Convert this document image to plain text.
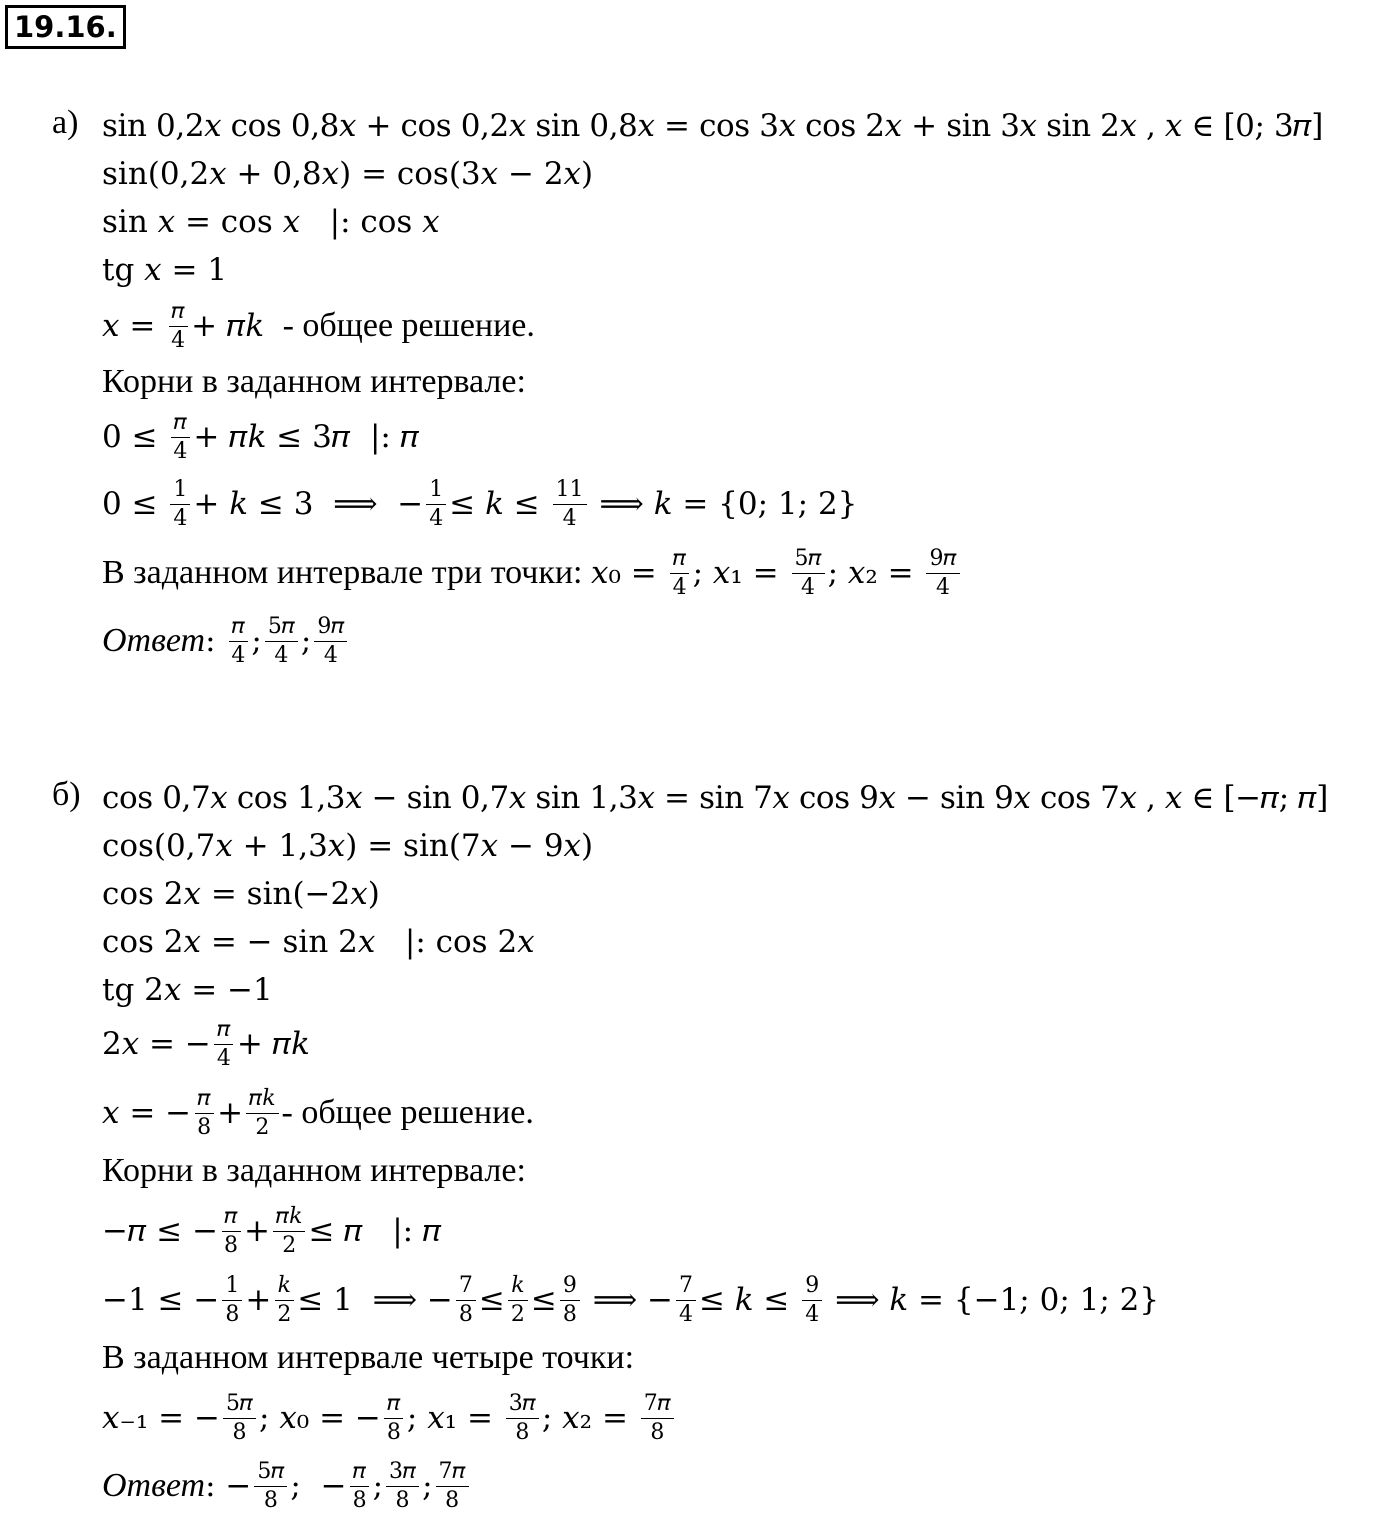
19.16.
а) sin 0,2𝑥 cos 0,8𝑥 + cos 0,2𝑥 sin 0,8𝑥 = cos 3𝑥 cos 2𝑥 + sin 3𝑥 sin 2𝑥 , 𝑥 ∈ [0; 3𝜋]
sin(0,2𝑥 + 0,8𝑥) = cos(3𝑥 − 2𝑥)
sin 𝑥 = cos 𝑥   |: cos 𝑥
tg 𝑥 = 1
𝑥 = $\frac{\text{𝜋}}{4}$ + 𝜋𝑘 - общее решение.
Корни в заданном интервале:
$0 \le \frac{\text{𝜋}}{4}$ + 𝜋𝑘 ≤ 3𝜋  |: 𝜋
$0 \le \frac{1}{4}$ + 𝑘 ≤ 3  ⟹  − $\frac{1}{4}$ ≤ 𝑘 ≤ $\frac{11}{4}$ ⟹ 𝑘 = {0; 1; 2}
В заданном интервале три точки: 𝑥₀ = $\frac{\text{𝜋}}{4}$ ; 𝑥₁ = $\frac{\text{5𝜋}}{4}$ ; 𝑥₂ = $\frac{\text{9𝜋}}{4}$
Ответ : $\frac{\text{𝜋}}{4}$ ; $\frac{\text{5𝜋}}{4}$ ; $\frac{\text{9𝜋}}{4}$
б) cos 0,7𝑥 cos 1,3𝑥 − sin 0,7𝑥 sin 1,3𝑥 = sin 7𝑥 cos 9𝑥 − sin 9𝑥 cos 7𝑥 , 𝑥 ∈ [−𝜋; 𝜋]
cos(0,7𝑥 + 1,3𝑥) = sin(7𝑥 − 9𝑥)
cos 2𝑥 = sin(−2𝑥)
cos 2𝑥 = − sin 2𝑥   |: cos 2𝑥
tg 2𝑥 = −1
2𝑥 = − $\frac{\text{𝜋}}{4}$ + 𝜋𝑘
𝑥 = − $\frac{\text{𝜋}}{8} + \frac{\text{𝜋𝑘}}{2}$ - общее решение.
Корни в заданном интервале:
−𝜋 ≤ − $\frac{\text{𝜋}}{8} + \frac{\text{𝜋𝑘}}{2}$ ≤ 𝜋   |: 𝜋
−1 ≤ − $\frac{1}{8} + \frac{\text{𝑘}}{2} \le 1$  ⟹ − $\frac{7}{8} \le \frac{\text{𝑘}}{2} \le \frac{9}{8}$ ⟹ − $\frac{7}{4}$ ≤ 𝑘 ≤ $\frac{9}{4}$ ⟹ 𝑘 = {−1; 0; 1; 2}
В заданном интервале четыре точки:
𝑥₋₁ = − $\frac{\text{5𝜋}}{8}$ ; 𝑥₀ = − $\frac{\text{𝜋}}{8}$ ; 𝑥₁ = $\frac{\text{3𝜋}}{8}$ ; 𝑥₂ = $\frac{\text{7𝜋}}{8}$
Ответ : − $\frac{\text{5𝜋}}{8}$ ;  − $\frac{\text{𝜋}}{8}$ ; $\frac{\text{3𝜋}}{8}$ ; $\frac{\text{7𝜋}}{8}$
